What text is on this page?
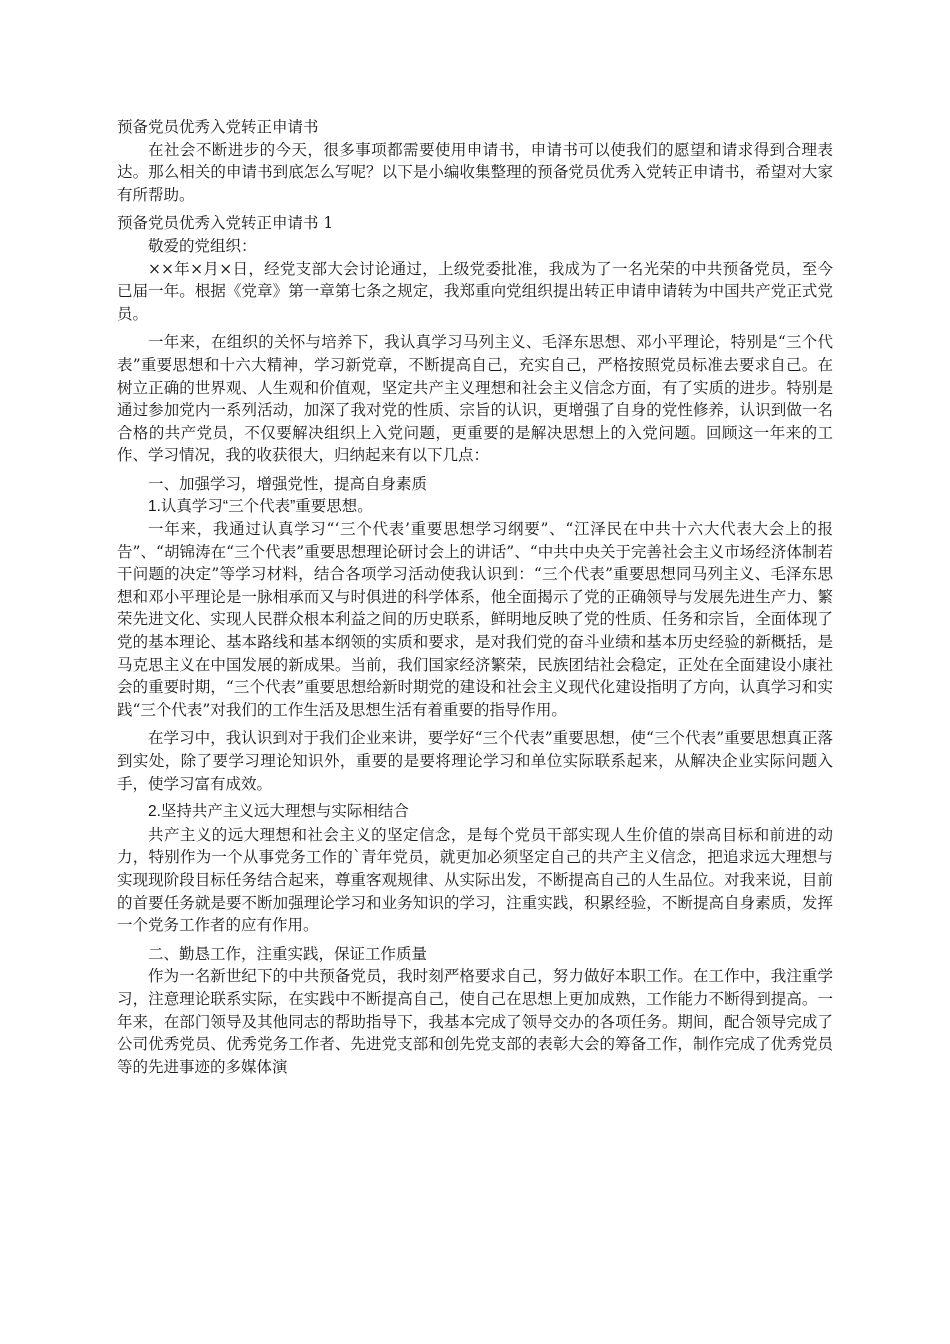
预备党员优秀入党转正申请书

在社会不断进步的今天，很多事项都需要使用申请书，申请书可以使我们的愿望和请求得到合理表达。那么相关的申请书到底怎么写呢？以下是小编收集整理的预备党员优秀入党转正申请书，希望对大家有所帮助。

预备党员优秀入党转正申请书 1

敬爱的党组织：

××年×月×日，经党支部大会讨论通过，上级党委批准，我成为了一名光荣的中共预备党员，至今已届一年。根据《党章》第一章第七条之规定，我郑重向党组织提出转正申请申请转为中国共产党正式党员。

一年来，在组织的关怀与培养下，我认真学习马列主义、毛泽东思想、邓小平理论，特别是“三个代表”重要思想和十六大精神，学习新党章，不断提高自己，充实自己，严格按照党员标准去要求自己。在树立正确的世界观、人生观和价值观，坚定共产主义理想和社会主义信念方面，有了实质的进步。特别是通过参加党内一系列活动，加深了我对党的性质、宗旨的认识，更增强了自身的党性修养，认识到做一名合格的共产党员，不仅要解决组织上入党问题，更重要的是解决思想上的入党问题。回顾这一年来的工作、学习情况，我的收获很大，归纳起来有以下几点：

一、加强学习，增强党性，提高自身素质

1.认真学习“三个代表”重要思想。

一年来，我通过认真学习“‘三个代表’重要思想学习纲要”、“江泽民在中共十六大代表大会上的报告”、“胡锦涛在“三个代表”重要思想理论研讨会上的讲话”、“中共中央关于完善社会主义市场经济体制若干问题的决定”等学习材料，结合各项学习活动使我认识到：“三个代表”重要思想同马列主义、毛泽东思想和邓小平理论是一脉相承而又与时俱进的科学体系，他全面揭示了党的正确领导与发展先进生产力、繁荣先进文化、实现人民群众根本利益之间的历史联系，鲜明地反映了党的性质、任务和宗旨，全面体现了党的基本理论、基本路线和基本纲领的实质和要求，是对我们党的奋斗业绩和基本历史经验的新概括，是马克思主义在中国发展的新成果。当前，我们国家经济繁荣，民族团结社会稳定，正处在全面建设小康社会的重要时期，“三个代表”重要思想给新时期党的建设和社会主义现代化建设指明了方向，认真学习和实践“三个代表”对我们的工作生活及思想生活有着重要的指导作用。

在学习中，我认识到对于我们企业来讲，要学好“三个代表”重要思想，使“三个代表”重要思想真正落到实处，除了要学习理论知识外，重要的是要将理论学习和单位实际联系起来，从解决企业实际问题入手，使学习富有成效。

2.坚持共产主义远大理想与实际相结合

共产主义的远大理想和社会主义的坚定信念，是每个党员干部实现人生价值的崇高目标和前进的动力，特别作为一个从事党务工作的`青年党员，就更加必须坚定自己的共产主义信念，把追求远大理想与实现现阶段目标任务结合起来，尊重客观规律、从实际出发，不断提高自己的人生品位。对我来说，目前的首要任务就是要不断加强理论学习和业务知识的学习，注重实践，积累经验，不断提高自身素质，发挥一个党务工作者的应有作用。

二、勤恳工作，注重实践，保证工作质量

作为一名新世纪下的中共预备党员，我时刻严格要求自己，努力做好本职工作。在工作中，我注重学习，注意理论联系实际，在实践中不断提高自己，使自己在思想上更加成熟，工作能力不断得到提高。一年来，在部门领导及其他同志的帮助指导下，我基本完成了领导交办的各项任务。期间，配合领导完成了公司优秀党员、优秀党务工作者、先进党支部和创先党支部的表彰大会的筹备工作，制作完成了优秀党员等的先进事迹的多媒体演
